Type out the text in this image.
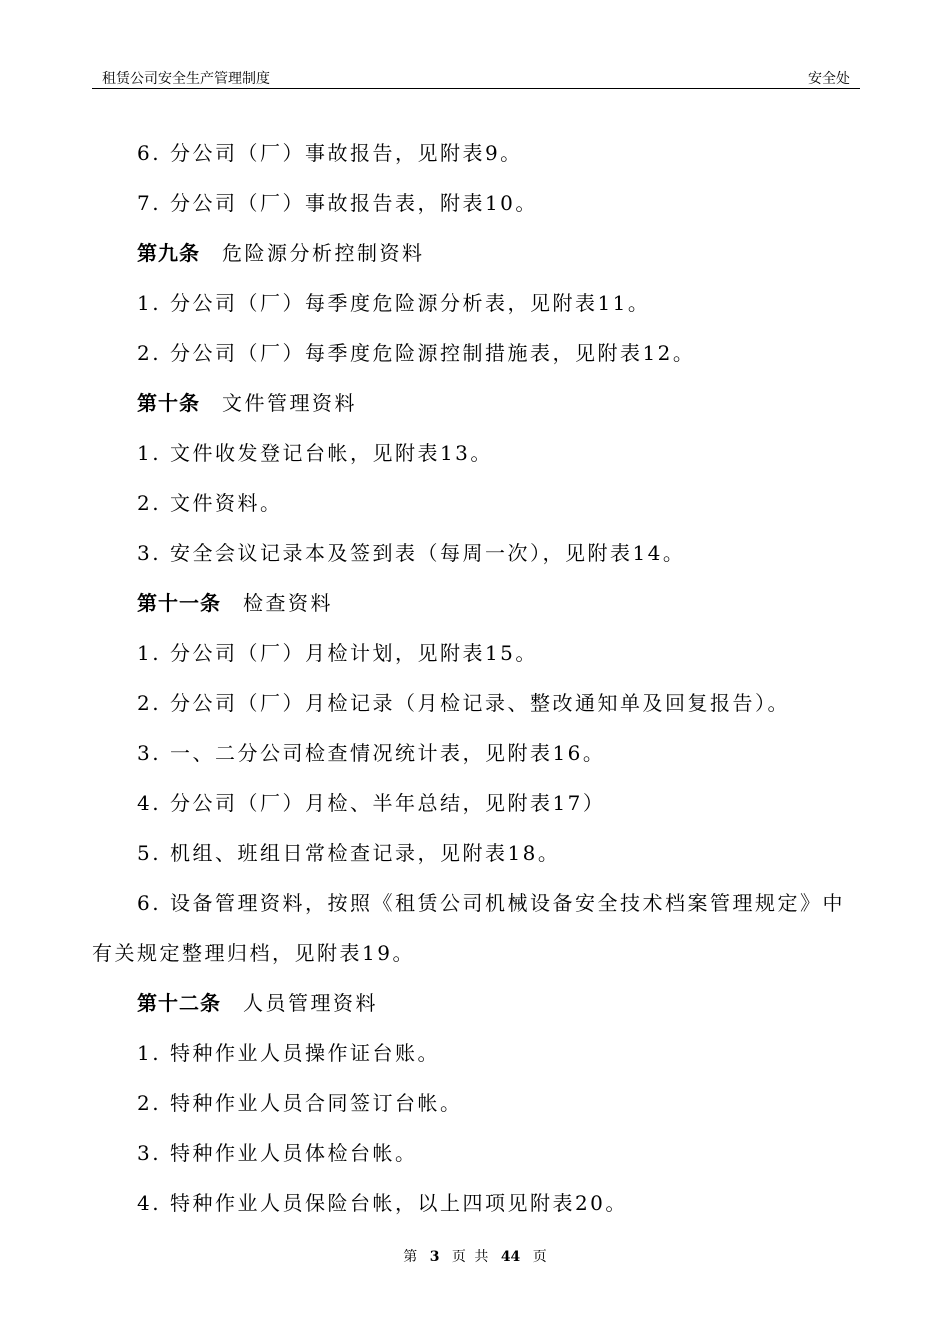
租赁公司安全生产管理制度	安全处
6. 分公司（厂）事故报告，见附表9。
7. 分公司（厂）事故报告表，附表10。
第九条 危险源分析控制资料
1. 分公司（厂）每季度危险源分析表，见附表11。
2. 分公司（厂）每季度危险源控制措施表，见附表12。
第十条 文件管理资料
1. 文件收发登记台帐，见附表13。
2. 文件资料。
3. 安全会议记录本及签到表（每周一次），见附表14。
第十一条 检查资料
1. 分公司（厂）月检计划，见附表15。
2. 分公司（厂）月检记录（月检记录、整改通知单及回复报告）。
3. 一、二分公司检查情况统计表，见附表16。
4. 分公司（厂）月检、半年总结，见附表17）
5. 机组、班组日常检查记录，见附表18。
6. 设备管理资料，按照《租赁公司机械设备安全技术档案管理规定》中
有关规定整理归档，见附表19。
第十二条 人员管理资料
1. 特种作业人员操作证台账。
2. 特种作业人员合同签订台帐。
3. 特种作业人员体检台帐。
4. 特种作业人员保险台帐，以上四项见附表20。
第 3 页 共 44 页
